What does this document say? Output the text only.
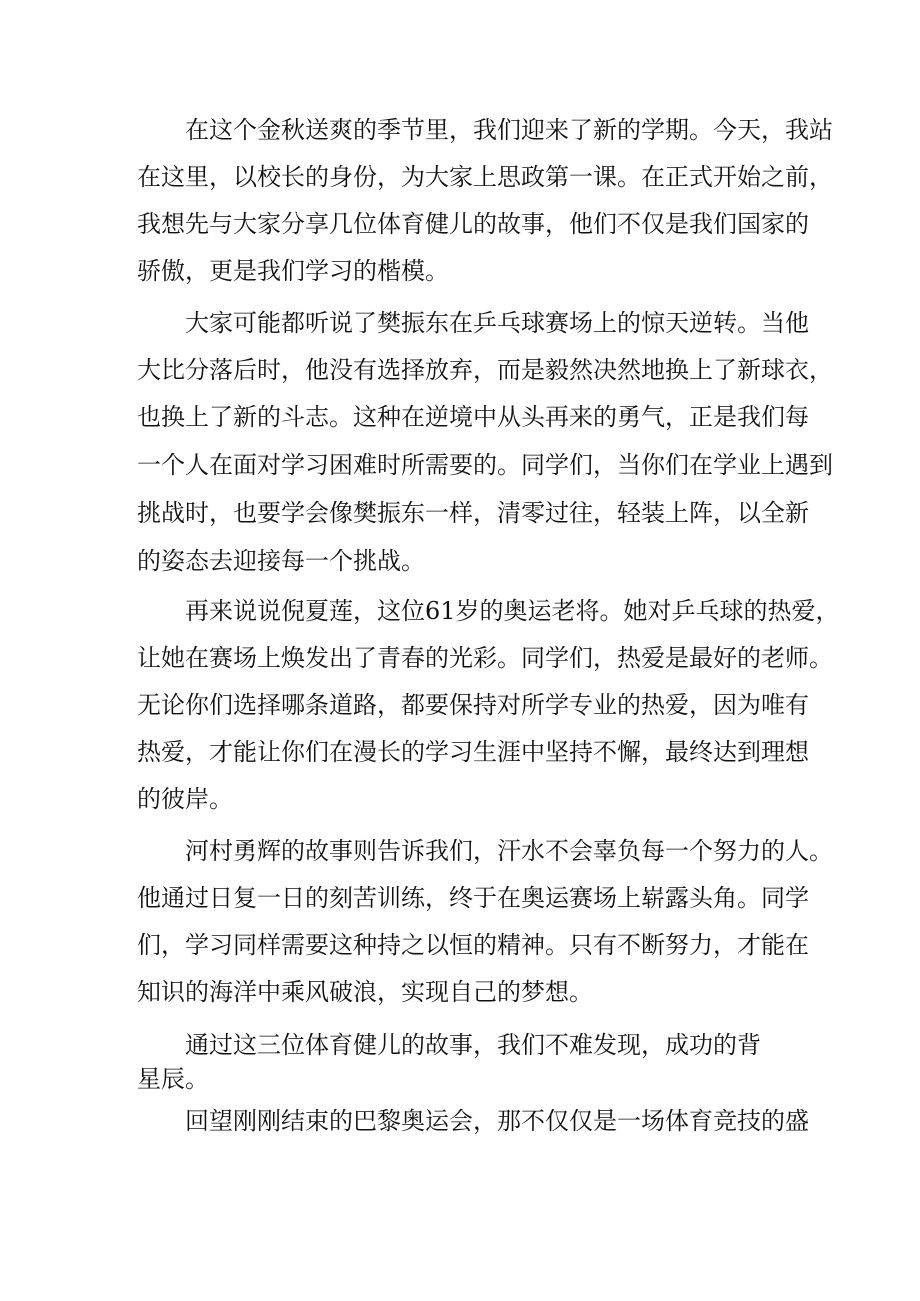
在这个金秋送爽的季节里，我们迎来了新的学期。今天，我站
在这里，以校长的身份，为大家上思政第一课。在正式开始之前，
我想先与大家分享几位体育健儿的故事，他们不仅是我们国家的
骄傲，更是我们学习的楷模。
大家可能都听说了樊振东在乒乓球赛场上的惊天逆转。当他
大比分落后时，他没有选择放弃，而是毅然决然地换上了新球衣，
也换上了新的斗志。这种在逆境中从头再来的勇气，正是我们每
一个人在面对学习困难时所需要的。同学们，当你们在学业上遇到
挑战时，也要学会像樊振东一样，清零过往，轻装上阵，以全新
的姿态去迎接每一个挑战。
再来说说倪夏莲，这位61岁的奥运老将。她对乒乓球的热爱，
让她在赛场上焕发出了青春的光彩。同学们，热爱是最好的老师。
无论你们选择哪条道路，都要保持对所学专业的热爱，因为唯有
热爱，才能让你们在漫长的学习生涯中坚持不懈，最终达到理想
的彼岸。
河村勇辉的故事则告诉我们，汗水不会辜负每一个努力的人。
他通过日复一日的刻苦训练，终于在奥运赛场上崭露头角。同学
们，学习同样需要这种持之以恒的精神。只有不断努力，才能在
知识的海洋中乘风破浪，实现自己的梦想。
通过这三位体育健儿的故事，我们不难发现，成功的背
星辰。
回望刚刚结束的巴黎奥运会，那不仅仅是一场体育竞技的盛
